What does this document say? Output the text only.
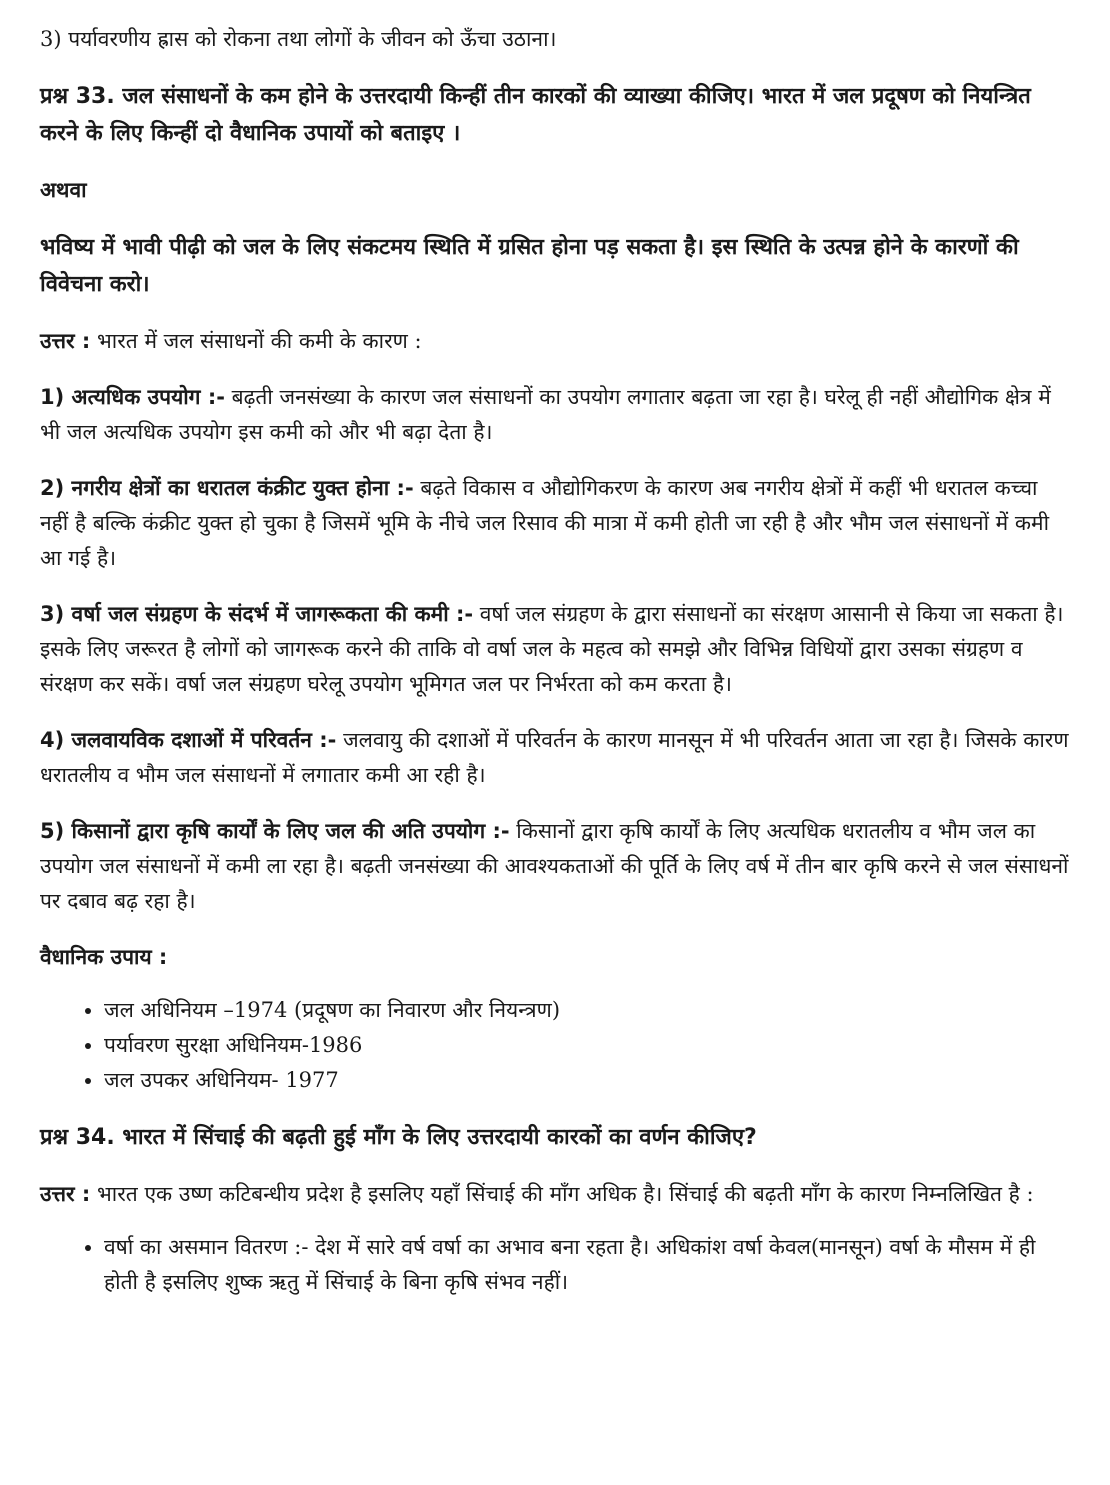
3) पर्यावरणीय ह्रास को रोकना तथा लोगों के जीवन को ऊँचा उठाना।

प्रश्न 33. जल संसाधनों के कम होने के उत्तरदायी किन्हीं तीन कारकों की व्याख्या कीजिए। भारत में जल प्रदूषण को नियन्त्रित करने के लिए किन्हीं दो वैधानिक उपायों को बताइए ।

अथवा

भविष्य में भावी पीढ़ी को जल के लिए संकटमय स्थिति में ग्रसित होना पड़ सकता है। इस स्थिति के उत्पन्न होने के कारणों की विवेचना करो।

उत्तर : भारत में जल संसाधनों की कमी के कारण :

1) अत्यधिक उपयोग :- बढ़ती जनसंख्या के कारण जल संसाधनों का उपयोग लगातार बढ़ता जा रहा है। घरेलू ही नहीं औद्योगिक क्षेत्र में भी जल अत्यधिक उपयोग इस कमी को और भी बढ़ा देता है।

2) नगरीय क्षेत्रों का धरातल कंक्रीट युक्त होना :- बढ़ते विकास व औद्योगिकरण के कारण अब नगरीय क्षेत्रों में कहीं भी धरातल कच्चा नहीं है बल्कि कंक्रीट युक्त हो चुका है जिसमें भूमि के नीचे जल रिसाव की मात्रा में कमी होती जा रही है और भौम जल संसाधनों में कमी आ गई है।

3) वर्षा जल संग्रहण के संदर्भ में जागरूकता की कमी :- वर्षा जल संग्रहण के द्वारा संसाधनों का संरक्षण आसानी से किया जा सकता है। इसके लिए जरूरत है लोगों को जागरूक करने की ताकि वो वर्षा जल के महत्व को समझे और विभिन्न विधियों द्वारा उसका संग्रहण व संरक्षण कर सकें। वर्षा जल संग्रहण घरेलू उपयोग भूमिगत जल पर निर्भरता को कम करता है।

4) जलवायविक दशाओं में परिवर्तन :- जलवायु की दशाओं में परिवर्तन के कारण मानसून में भी परिवर्तन आता जा रहा है। जिसके कारण धरातलीय व भौम जल संसाधनों में लगातार कमी आ रही है।

5) किसानों द्वारा कृषि कार्यों के लिए जल की अति उपयोग :- किसानों द्वारा कृषि कार्यों के लिए अत्यधिक धरातलीय व भौम जल का उपयोग जल संसाधनों में कमी ला रहा है। बढ़ती जनसंख्या की आवश्यकताओं की पूर्ति के लिए वर्ष में तीन बार कृषि करने से जल संसाधनों पर दबाव बढ़ रहा है।

वैधानिक उपाय :

• जल अधिनियम –1974 (प्रदूषण का निवारण और नियन्त्रण)
• पर्यावरण सुरक्षा अधिनियम-1986
• जल उपकर अधिनियम- 1977

प्रश्न 34. भारत में सिंचाई की बढ़ती हुई माँग के लिए उत्तरदायी कारकों का वर्णन कीजिए?

उत्तर : भारत एक उष्ण कटिबन्धीय प्रदेश है इसलिए यहाँ सिंचाई की माँग अधिक है। सिंचाई की बढ़ती माँग के कारण निम्नलिखित है :

• वर्षा का असमान वितरण :- देश में सारे वर्ष वर्षा का अभाव बना रहता है। अधिकांश वर्षा केवल(मानसून) वर्षा के मौसम में ही होती है इसलिए शुष्क ऋतु में सिंचाई के बिना कृषि संभव नहीं।
